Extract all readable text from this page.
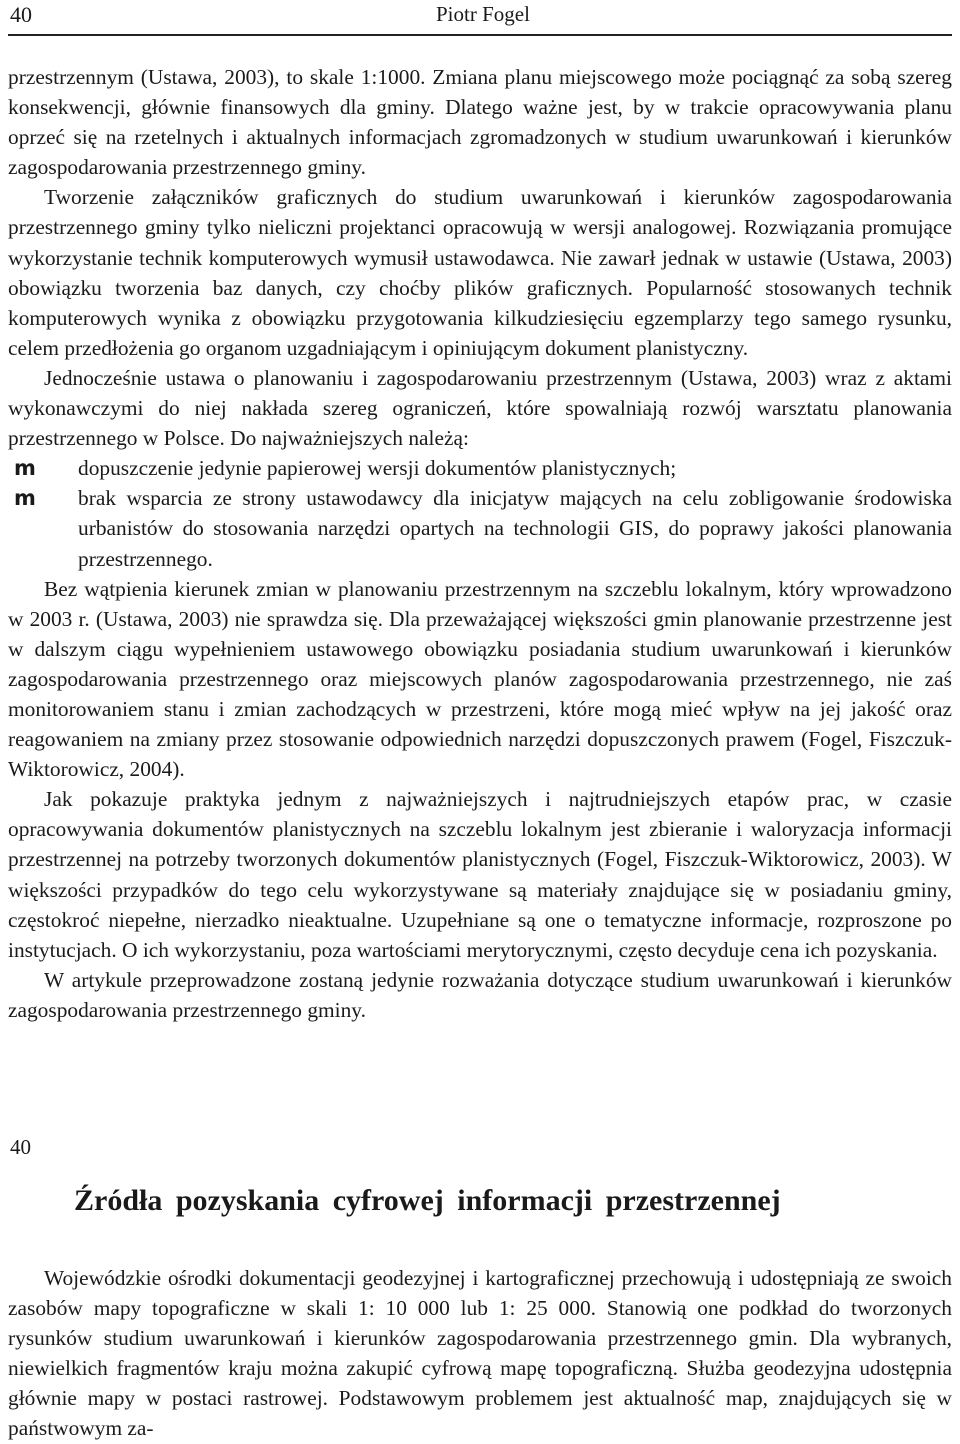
40	Piotr Fogel

przestrzennym (Ustawa, 2003), to skale 1:1000. Zmiana planu miejscowego może pociągnąć za sobą szereg konsekwencji, głównie finansowych dla gminy. Dlatego ważne jest, by w trakcie opracowywania planu oprzeć się na rzetelnych i aktualnych informacjach zgromadzonych w studium uwarunkowań i kierunków zagospodarowania przestrzennego gminy.

Tworzenie załączników graficznych do studium uwarunkowań i kierunków zagospodarowania przestrzennego gminy tylko nieliczni projektanci opracowują w wersji analogowej. Rozwiązania promujące wykorzystanie technik komputerowych wymusił ustawodawca. Nie zawarł jednak w ustawie (Ustawa, 2003) obowiązku tworzenia baz danych, czy choćby plików graficznych. Popularność stosowanych technik komputerowych wynika z obowiązku przygotowania kilkudziesięciu egzemplarzy tego samego rysunku, celem przedłożenia go organom uzgadniającym i opiniującym dokument planistyczny.

Jednocześnie ustawa o planowaniu i zagospodarowaniu przestrzennym (Ustawa, 2003) wraz z aktami wykonawczymi do niej nakłada szereg ograniczeń, które spowalniają rozwój warsztatu planowania przestrzennego w Polsce. Do najważniejszych należą:

m dopuszczenie jedynie papierowej wersji dokumentów planistycznych;
m brak wsparcia ze strony ustawodawcy dla inicjatyw mających na celu zobligowanie środowiska urbanistów do stosowania narzędzi opartych na technologii GIS, do poprawy jakości planowania przestrzennego.

Bez wątpienia kierunek zmian w planowaniu przestrzennym na szczeblu lokalnym, który wprowadzono w 2003 r. (Ustawa, 2003) nie sprawdza się. Dla przeważającej większości gmin planowanie przestrzenne jest w dalszym ciągu wypełnieniem ustawowego obowiązku posiadania studium uwarunkowań i kierunków zagospodarowania przestrzennego oraz miejscowych planów zagospodarowania przestrzennego, nie zaś monitorowaniem stanu i zmian zachodzących w przestrzeni, które mogą mieć wpływ na jej jakość oraz reagowaniem na zmiany przez stosowanie odpowiednich narzędzi dopuszczonych prawem (Fogel, Fiszczuk-Wiktorowicz, 2004).

Jak pokazuje praktyka jednym z najważniejszych i najtrudniejszych etapów prac, w czasie opracowywania dokumentów planistycznych na szczeblu lokalnym jest zbieranie i waloryzacja informacji przestrzennej na potrzeby tworzonych dokumentów planistycznych (Fogel, Fiszczuk-Wiktorowicz, 2003). W większości przypadków do tego celu wykorzystywane są materiały znajdujące się w posiadaniu gminy, częstokroć niepełne, nierzadko nieaktualne. Uzupełniane są one o tematyczne informacje, rozproszone po instytucjach. O ich wykorzystaniu, poza wartościami merytorycznymi, często decyduje cena ich pozyskania.

W artykule przeprowadzone zostaną jedynie rozważania dotyczące studium uwarunkowań i kierunków zagospodarowania przestrzennego gminy.

40
Źródła pozyskania cyfrowej informacji przestrzennej

Wojewódzkie ośrodki dokumentacji geodezyjnej i kartograficznej przechowują i udostępniają ze swoich zasobów mapy topograficzne w skali 1: 10 000 lub 1: 25 000. Stanowią one podkład do tworzonych rysunków studium uwarunkowań i kierunków zagospodarowania przestrzennego gmin. Dla wybranych, niewielkich fragmentów kraju można zakupić cyfrową mapę topograficzną. Służba geodezyjna udostępnia głównie mapy w postaci rastrowej. Podstawowym problemem jest aktualność map, znajdujących się w państwowym za-
